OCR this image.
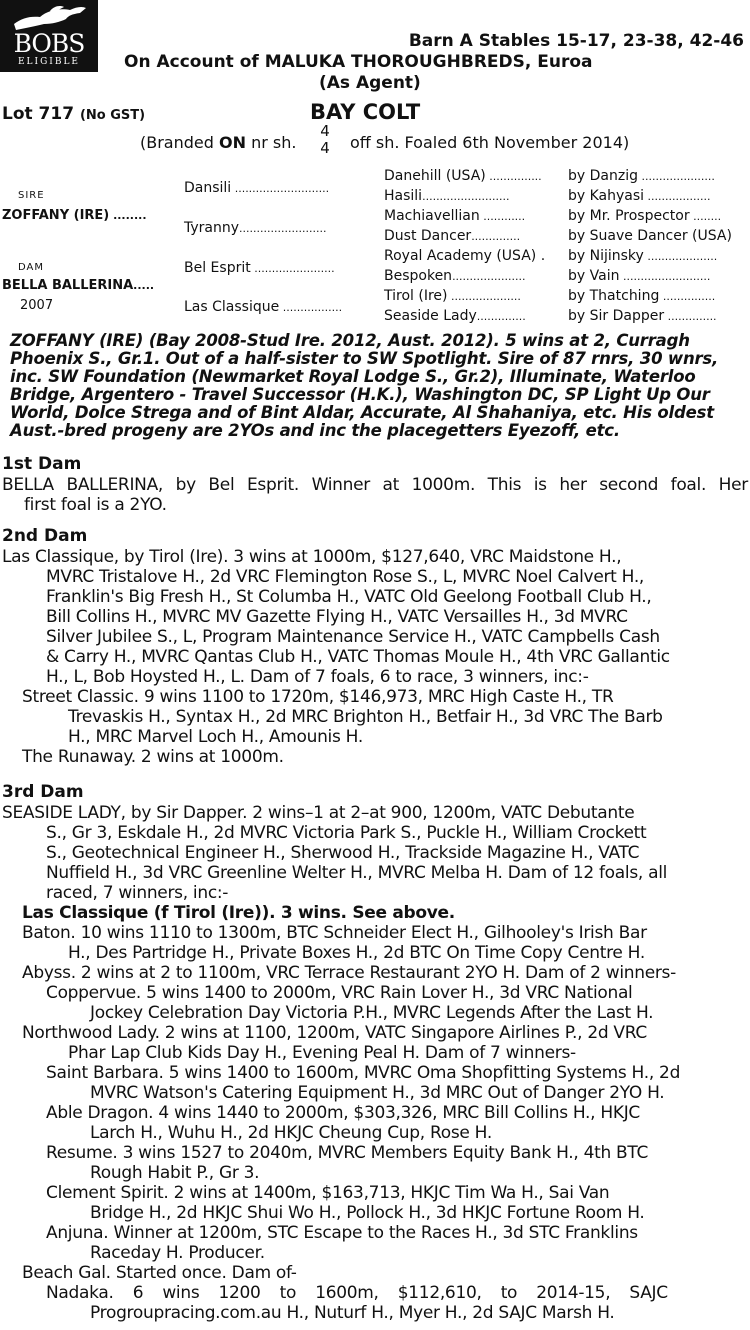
BOBS
ELIGIBLE
Barn A Stables 15-17, 23-38, 42-46
On Account of MALUKA THOROUGHBREDS, Euroa
(As Agent)
Lot 717 (No GST)	BAY COLT
(Branded ON nr sh.
4
4 off sh. Foaled 6th November 2014)
SIRE
ZOFFANY (IRE) ........
DAM
BELLA BALLERINA.....
2007
Dansili ...........................
Tyranny.........................
Bel Esprit .......................
Las Classique .................
Danehill (USA) ...............
Hasili.........................
Machiavellian ............
Dust Dancer..............
Royal Academy (USA) .
Bespoken.....................
Tirol (Ire) ....................
Seaside Lady..............
by Danzig .....................
by Kahyasi ..................
by Mr. Prospector ........
by Suave Dancer (USA)
by Nijinsky ....................
by Vain .........................
by Thatching ...............
by Sir Dapper ..............
ZOFFANY (IRE) (Bay 2008-Stud Ire. 2012, Aust. 2012). 5 wins at 2, Curragh
Phoenix S., Gr.1. Out of a half-sister to SW Spotlight. Sire of 87 rnrs, 30 wnrs,
inc. SW Foundation (Newmarket Royal Lodge S., Gr.2), Illuminate, Waterloo
Bridge, Argentero - Travel Successor (H.K.), Washington DC, SP Light Up Our
World, Dolce Strega and of Bint Aldar, Accurate, Al Shahaniya, etc. His oldest
Aust.-bred progeny are 2YOs and inc the placegetters Eyezoff, etc.
1st Dam
BELLA BALLERINA, by Bel Esprit. Winner at 1000m. This is her second foal. Her
first foal is a 2YO.
2nd Dam
Las Classique, by Tirol (Ire). 3 wins at 1000m, $127,640, VRC Maidstone H.,
MVRC Tristalove H., 2d VRC Flemington Rose S., L, MVRC Noel Calvert H.,
Franklin's Big Fresh H., St Columba H., VATC Old Geelong Football Club H.,
Bill Collins H., MVRC MV Gazette Flying H., VATC Versailles H., 3d MVRC
Silver Jubilee S., L, Program Maintenance Service H., VATC Campbells Cash
& Carry H., MVRC Qantas Club H., VATC Thomas Moule H., 4th VRC Gallantic
H., L, Bob Hoysted H., L. Dam of 7 foals, 6 to race, 3 winners, inc:-
Street Classic. 9 wins 1100 to 1720m, $146,973, MRC High Caste H., TR
Trevaskis H., Syntax H., 2d MRC Brighton H., Betfair H., 3d VRC The Barb
H., MRC Marvel Loch H., Amounis H.
The Runaway. 2 wins at 1000m.
3rd Dam
SEASIDE LADY, by Sir Dapper. 2 wins–1 at 2–at 900, 1200m, VATC Debutante
S., Gr 3, Eskdale H., 2d MVRC Victoria Park S., Puckle H., William Crockett
S., Geotechnical Engineer H., Sherwood H., Trackside Magazine H., VATC
Nuffield H., 3d VRC Greenline Welter H., MVRC Melba H. Dam of 12 foals, all
raced, 7 winners, inc:-
Las Classique (f Tirol (Ire)). 3 wins. See above.
Baton. 10 wins 1110 to 1300m, BTC Schneider Elect H., Gilhooley's Irish Bar
H., Des Partridge H., Private Boxes H., 2d BTC On Time Copy Centre H.
Abyss. 2 wins at 2 to 1100m, VRC Terrace Restaurant 2YO H. Dam of 2 winners-
Coppervue. 5 wins 1400 to 2000m, VRC Rain Lover H., 3d VRC National
Jockey Celebration Day Victoria P.H., MVRC Legends After the Last H.
Northwood Lady. 2 wins at 1100, 1200m, VATC Singapore Airlines P., 2d VRC
Phar Lap Club Kids Day H., Evening Peal H. Dam of 7 winners-
Saint Barbara. 5 wins 1400 to 1600m, MVRC Oma Shopfitting Systems H., 2d
MVRC Watson's Catering Equipment H., 3d MRC Out of Danger 2YO H.
Able Dragon. 4 wins 1440 to 2000m, $303,326, MRC Bill Collins H., HKJC
Larch H., Wuhu H., 2d HKJC Cheung Cup, Rose H.
Resume. 3 wins 1527 to 2040m, MVRC Members Equity Bank H., 4th BTC
Rough Habit P., Gr 3.
Clement Spirit. 2 wins at 1400m, $163,713, HKJC Tim Wa H., Sai Van
Bridge H., 2d HKJC Shui Wo H., Pollock H., 3d HKJC Fortune Room H.
Anjuna. Winner at 1200m, STC Escape to the Races H., 3d STC Franklins
Raceday H. Producer.
Beach Gal. Started once. Dam of-
Nadaka. 6 wins 1200 to 1600m, $112,610, to 2014-15, SAJC
Progroupracing.com.au H., Nuturf H., Myer H., 2d SAJC Marsh H.
